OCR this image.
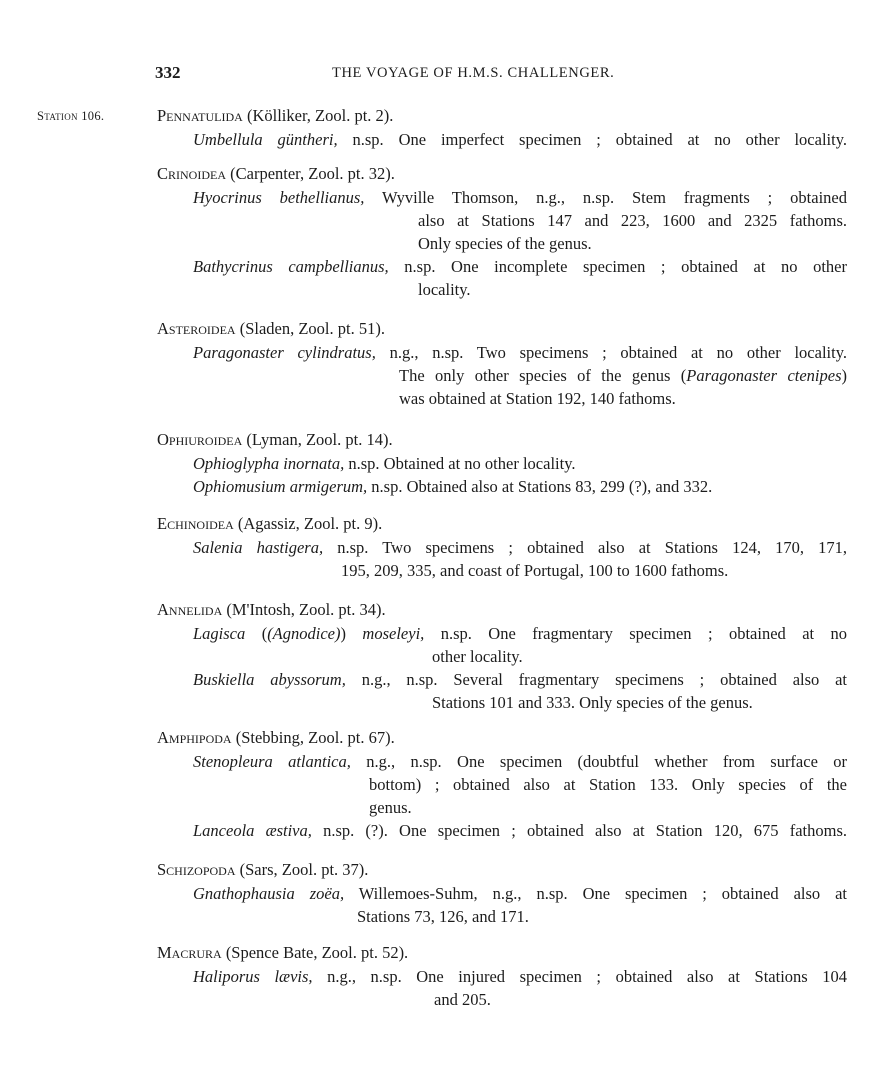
332	THE VOYAGE OF H.M.S. CHALLENGER.
Station 106.	Pennatulida (Kölliker, Zool. pt. 2).
Umbellula güntheri, n.sp. One imperfect specimen ; obtained at no other locality.
Crinoidea (Carpenter, Zool. pt. 32).
Hyocrinus bethellianus, Wyville Thomson, n.g., n.sp. Stem fragments ; obtained
also at Stations 147 and 223, 1600 and 2325 fathoms.
Only species of the genus.
Bathycrinus campbellianus, n.sp. One incomplete specimen ; obtained at no other
locality.
Asteroidea (Sladen, Zool. pt. 51).
Paragonaster cylindratus, n.g., n.sp. Two specimens ; obtained at no other locality.
The only other species of the genus (Paragonaster ctenipes)
was obtained at Station 192, 140 fathoms.
Ophiuroidea (Lyman, Zool. pt. 14).
Ophioglypha inornata, n.sp. Obtained at no other locality.
Ophiomusium armigerum, n.sp. Obtained also at Stations 83, 299 (?), and 332.
Echinoidea (Agassiz, Zool. pt. 9).
Salenia hastigera, n.sp. Two specimens ; obtained also at Stations 124, 170, 171,
195, 209, 335, and coast of Portugal, 100 to 1600 fathoms.
Annelida (M'Intosh, Zool. pt. 34).
Lagisca ((Agnodice)) moseleyi, n.sp. One fragmentary specimen ; obtained at no
other locality.
Buskiella abyssorum, n.g., n.sp. Several fragmentary specimens ; obtained also at
Stations 101 and 333. Only species of the genus.
Amphipoda (Stebbing, Zool. pt. 67).
Stenopleura atlantica, n.g., n.sp. One specimen (doubtful whether from surface or
bottom) ; obtained also at Station 133. Only species of the
genus.
Lanceola æstiva, n.sp. (?). One specimen ; obtained also at Station 120, 675 fathoms.
Schizopoda (Sars, Zool. pt. 37).
Gnathophausia zoëa, Willemoes-Suhm, n.g., n.sp. One specimen ; obtained also at
Stations 73, 126, and 171.
Macrura (Spence Bate, Zool. pt. 52).
Haliporus lævis, n.g., n.sp. One injured specimen ; obtained also at Stations 104
and 205.
